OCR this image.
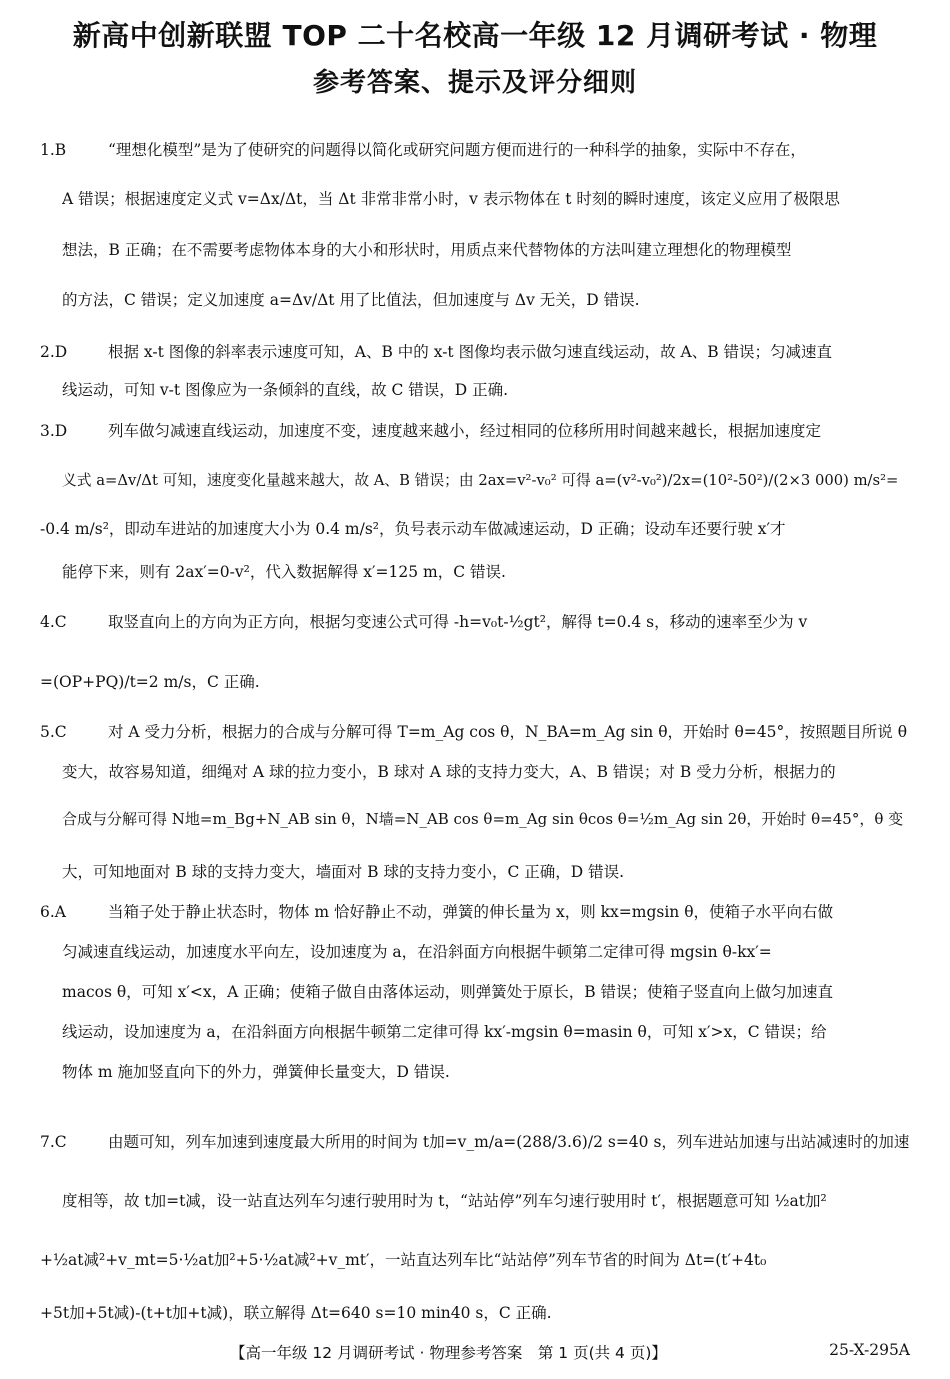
新高中创新联盟 TOP 二十名校高一年级 12 月调研考试 · 物理
参考答案、提示及评分细则
1.B	“理想化模型”是为了使研究的问题得以简化或研究问题方便而进行的一种科学的抽象，实际中不存在，
A 错误；根据速度定义式 v=Δx/Δt，当 Δt 非常非常小时，v 表示物体在 t 时刻的瞬时速度，该定义应用了极限思
想法，B 正确；在不需要考虑物体本身的大小和形状时，用质点来代替物体的方法叫建立理想化的物理模型
的方法，C 错误；定义加速度 a=Δv/Δt 用了比值法，但加速度与 Δv 无关，D 错误.
2.D	根据 x-t 图像的斜率表示速度可知，A、B 中的 x-t 图像均表示做匀速直线运动，故 A、B 错误；匀减速直
线运动，可知 v-t 图像应为一条倾斜的直线，故 C 错误，D 正确.
3.D	列车做匀减速直线运动，加速度不变，速度越来越小，经过相同的位移所用时间越来越长，根据加速度定
义式 a=Δv/Δt 可知，速度变化量越来越大，故 A、B 错误；由 2ax=v²-v₀² 可得 a=(v²-v₀²)/2x=(10²-50²)/(2×3 000) m/s²=
-0.4 m/s²，即动车进站的加速度大小为 0.4 m/s²，负号表示动车做减速运动，D 正确；设动车还要行驶 x′才
能停下来，则有 2ax′=0-v²，代入数据解得 x′=125 m，C 错误.
4.C	取竖直向上的方向为正方向，根据匀变速公式可得 -h=v₀t-½gt²，解得 t=0.4 s，移动的速率至少为 v
=(OP+PQ)/t=2 m/s，C 正确.
5.C	对 A 受力分析，根据力的合成与分解可得 T=m_Ag cos θ，N_BA=m_Ag sin θ，开始时 θ=45°，按照题目所说 θ
变大，故容易知道，细绳对 A 球的拉力变小，B 球对 A 球的支持力变大，A、B 错误；对 B 受力分析，根据力的
合成与分解可得 N地=m_Bg+N_AB sin θ，N墙=N_AB cos θ=m_Ag sin θcos θ=½m_Ag sin 2θ，开始时 θ=45°，θ 变
大，可知地面对 B 球的支持力变大，墙面对 B 球的支持力变小，C 正确，D 错误.
6.A	当箱子处于静止状态时，物体 m 恰好静止不动，弹簧的伸长量为 x，则 kx=mgsin θ，使箱子水平向右做
匀减速直线运动，加速度水平向左，设加速度为 a，在沿斜面方向根据牛顿第二定律可得 mgsin θ-kx′=
macos θ，可知 x′<x，A 正确；使箱子做自由落体运动，则弹簧处于原长，B 错误；使箱子竖直向上做匀加速直
线运动，设加速度为 a，在沿斜面方向根据牛顿第二定律可得 kx′-mgsin θ=masin θ，可知 x′>x，C 错误；给
物体 m 施加竖直向下的外力，弹簧伸长量变大，D 错误.
7.C	由题可知，列车加速到速度最大所用的时间为 t加=v_m/a=(288/3.6)/2 s=40 s，列车进站加速与出站减速时的加速
度相等，故 t加=t减，设一站直达列车匀速行驶用时为 t，“站站停”列车匀速行驶用时 t′，根据题意可知 ½at加²
+½at减²+v_mt=5·½at加²+5·½at减²+v_mt′，一站直达列车比“站站停”列车节省的时间为 Δt=(t′+4t₀
+5t加+5t减)-(t+t加+t减)，联立解得 Δt=640 s=10 min40 s，C 正确.
【高一年级 12 月调研考试 · 物理参考答案　第 1 页(共 4 页)】	25-X-295A
